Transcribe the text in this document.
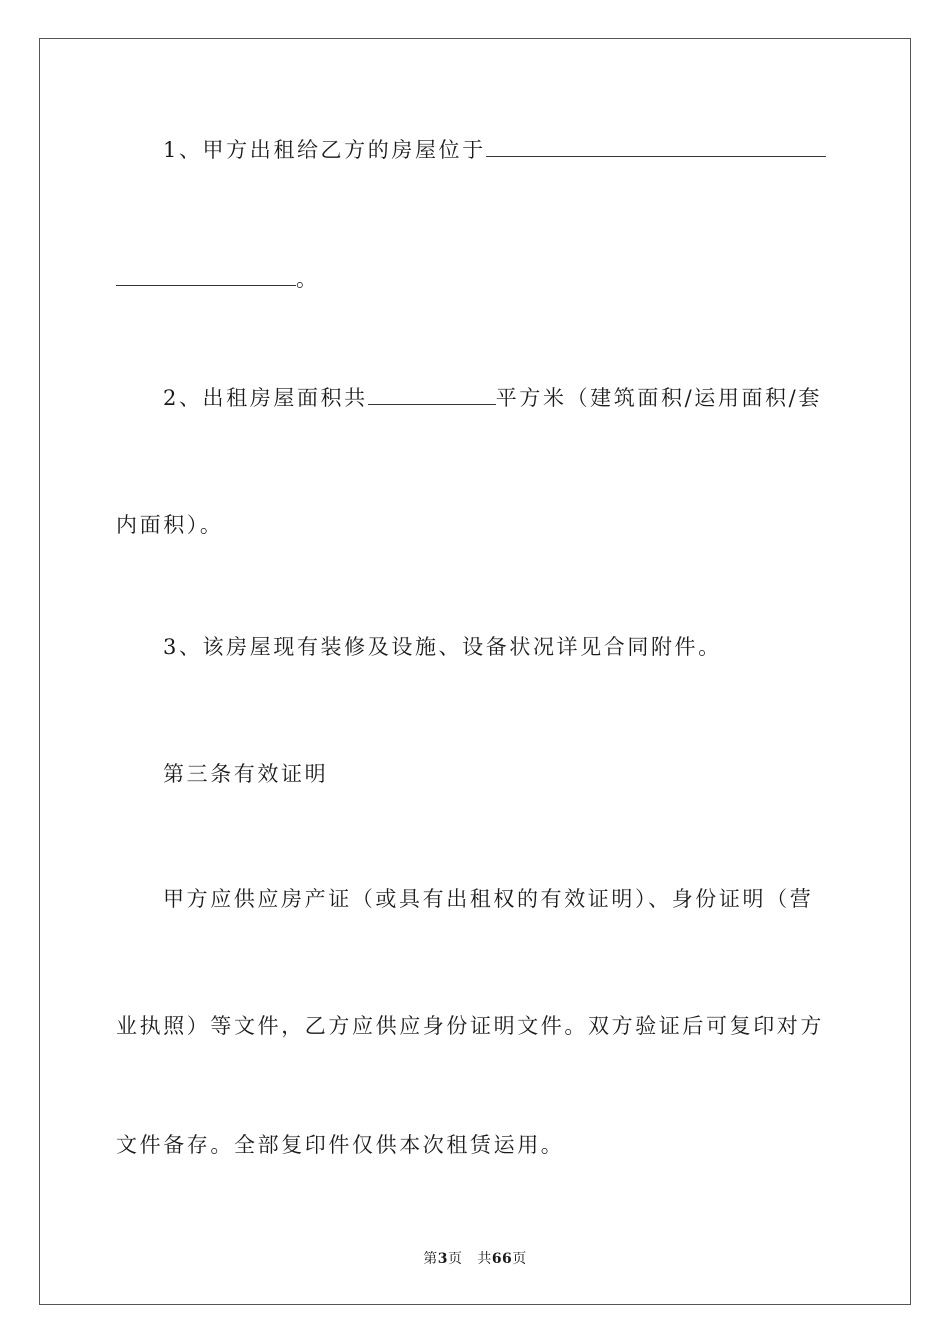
1、甲方出租给乙方的房屋位于
。
2、出租房屋面积共	平方米（建筑面积/运用面积/套
内面积）。
3、该房屋现有装修及设施、设备状况详见合同附件。
第三条有效证明
甲方应供应房产证（或具有出租权的有效证明）、身份证明（营
业执照）等文件，乙方应供应身份证明文件。双方验证后可复印对方
文件备存。全部复印件仅供本次租赁运用。
第3页 共66页
